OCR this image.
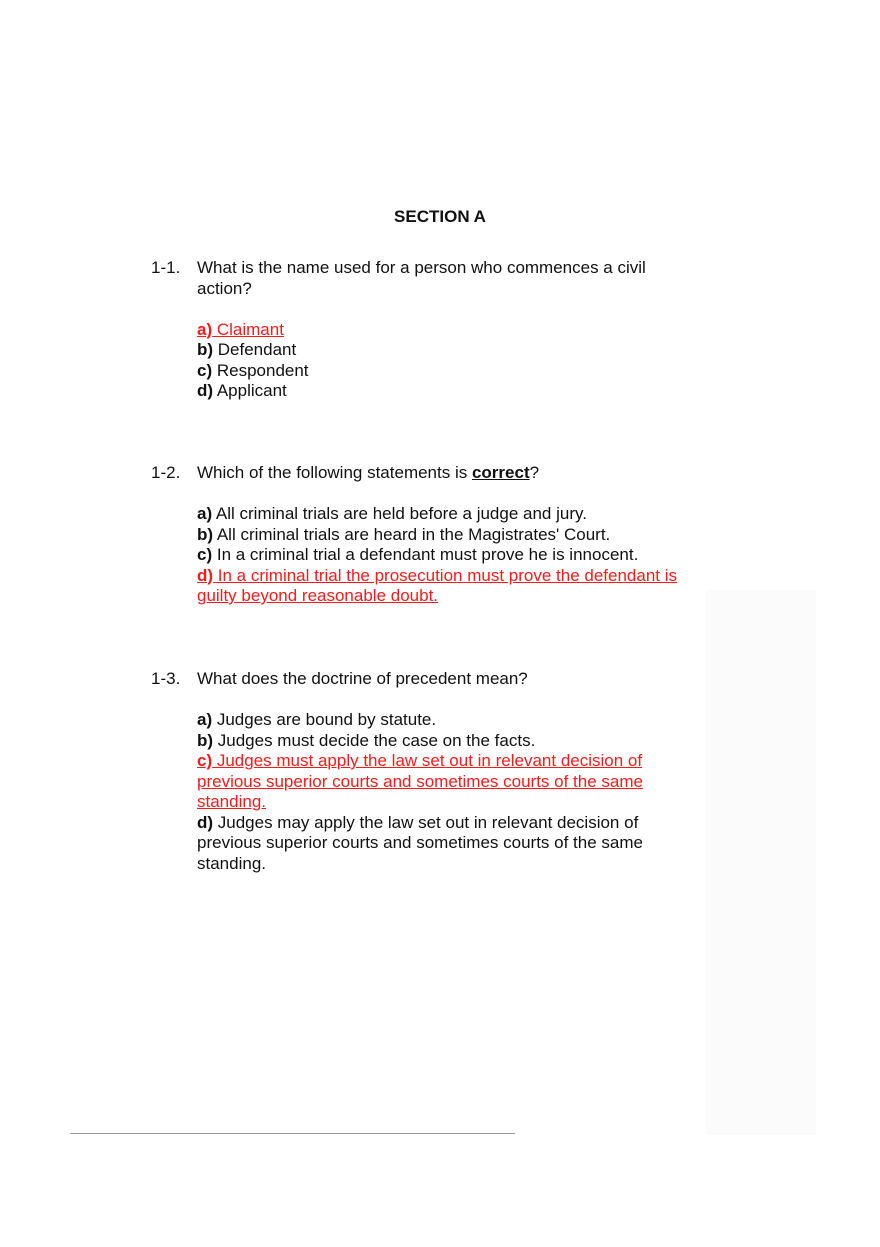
SECTION A
1-1. What is the name used for a person who commences a civil action?
a) Claimant
b) Defendant
c) Respondent
d) Applicant
1-2. Which of the following statements is correct?
a) All criminal trials are held before a judge and jury.
b) All criminal trials are heard in the Magistrates' Court.
c) In a criminal trial a defendant must prove he is innocent.
d) In a criminal trial the prosecution must prove the defendant is guilty beyond reasonable doubt.
1-3. What does the doctrine of precedent mean?
a) Judges are bound by statute.
b) Judges must decide the case on the facts.
c) Judges must apply the law set out in relevant decision of previous superior courts and sometimes courts of the same standing.
d) Judges may apply the law set out in relevant decision of previous superior courts and sometimes courts of the same standing.
